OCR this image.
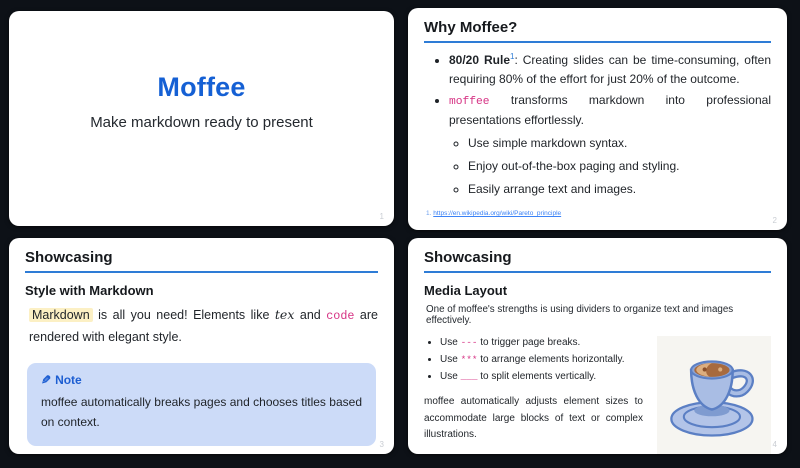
Moffee
Make markdown ready to present
1
Why Moffee?
• 80/20 Rule$^1$: Creating slides can be time-consuming, often requiring 80% of the effort for just 20% of the outcome.
• moffee transforms markdown into professional presentations effortlessly.
◦ Use simple markdown syntax.
◦ Enjoy out-of-the-box paging and styling.
◦ Easily arrange text and images.
1. https://en.wikipedia.org/wiki/Pareto_principle
2
Showcasing
Style with Markdown

Markdown is all you need! Elements like tex and code are rendered with elegant style.

✎ Note
moffee automatically breaks pages and chooses titles based on context.
3
Showcasing
Media Layout

One of moffee's strengths is using dividers to organize text and images effectively.

• Use --- to trigger page breaks.
• Use *** to arrange elements horizontally.
• Use ___ to split elements vertically.

moffee automatically adjusts element sizes to accommodate large blocks of text or complex illustrations.

4
